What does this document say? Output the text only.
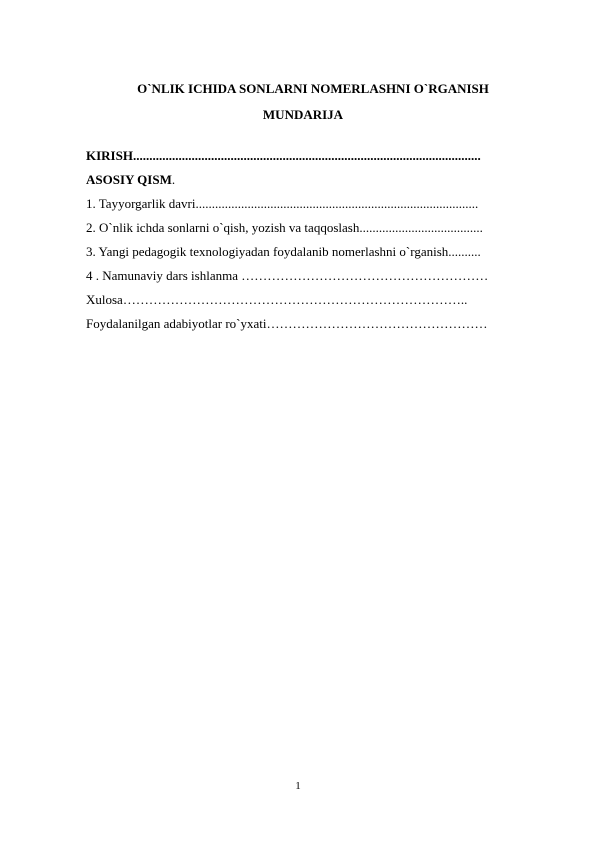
O`NLIK ICHIDA SONLARNI NOMERLASHNI O`RGANISH
MUNDARIJA
KIRISH...........................................................................................................
ASOSIY QISM.
1. Tayyorgarlik davri.......................................................................................
2. O`nlik ichda sonlarni o`qish, yozish va taqqoslash......................................
3. Yangi pedagogik texnologiyadan foydalanib nomerlashni o`rganish..........
4 . Namunaviy dars ishlanma …………………………………………………
Xulosa……………………………………………………………………..
Foydalanilgan adabiyotlar ro`yxati……………………………………………
1
